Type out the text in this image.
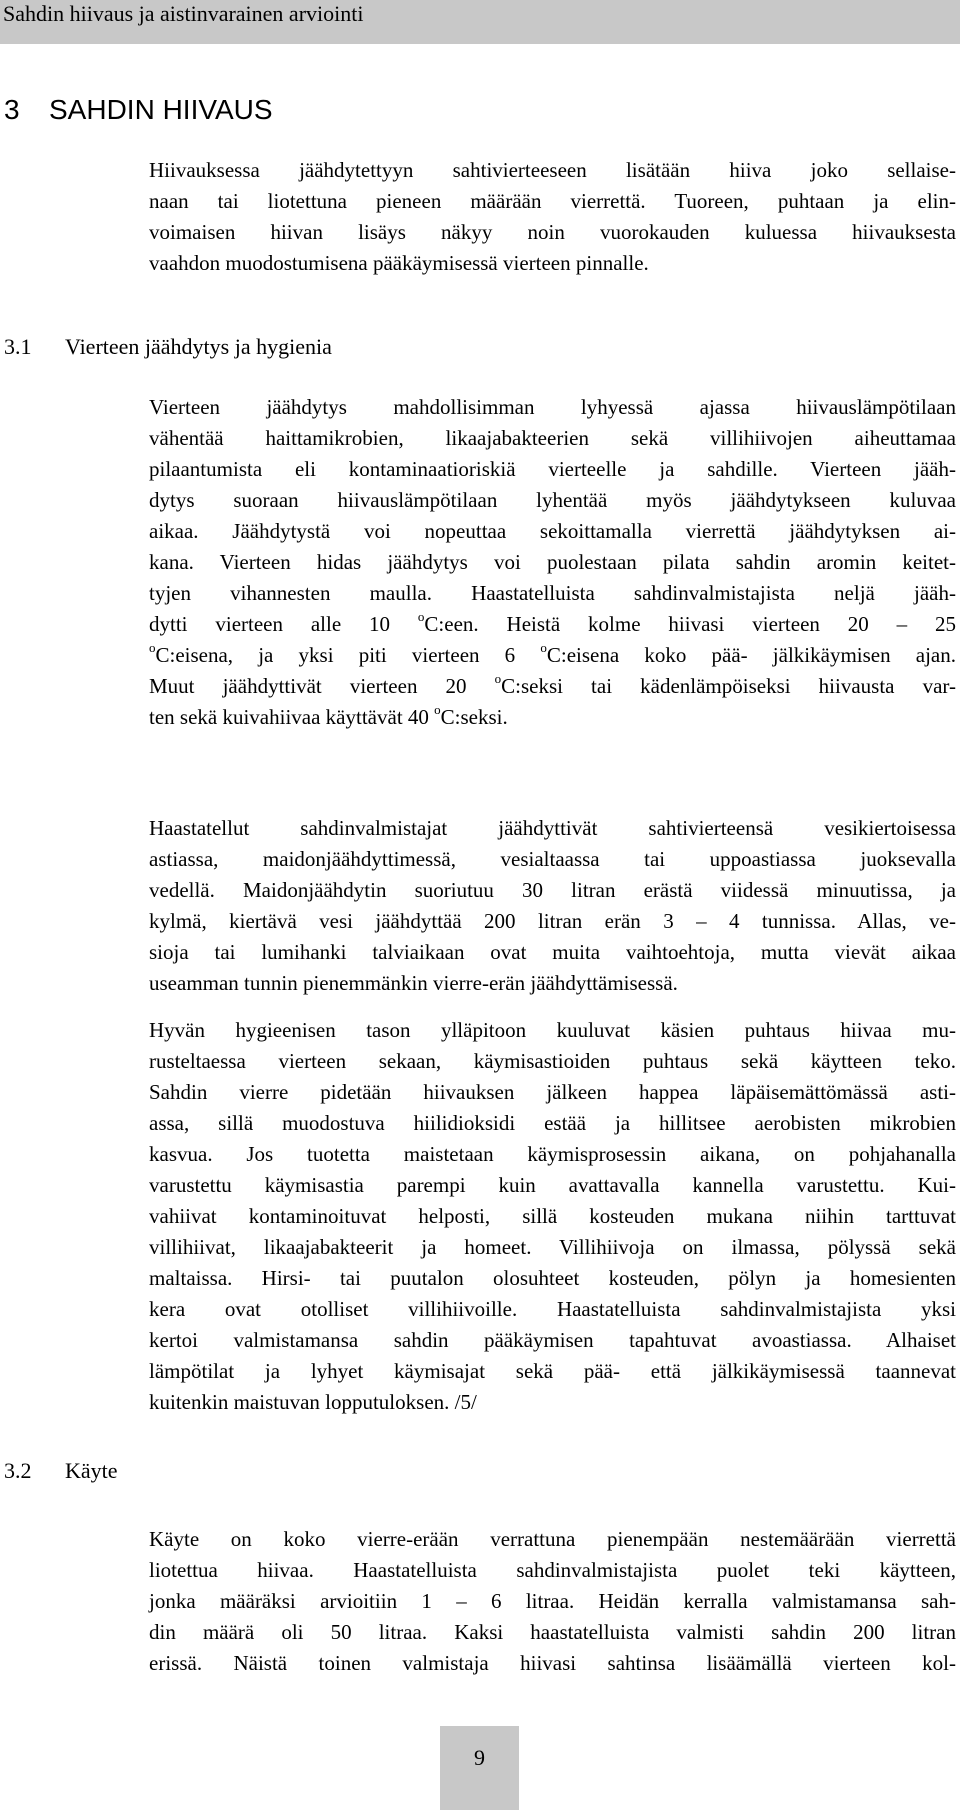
Sahdin hiivaus ja aistinvarainen arviointi
3 SAHDIN HIIVAUS

Hiivauksessa jäähdytettyyn sahtivierteeseen lisätään hiiva joko sellaise-
naan tai liotettuna pieneen määrään vierrettä. Tuoreen, puhtaan ja elin-
voimaisen hiivan lisäys näkyy noin vuorokauden kuluessa hiivauksesta
vaahdon muodostumisena pääkäymisessä vierteen pinnalle.

3.1 Vierteen jäähdytys ja hygienia

Vierteen jäähdytys mahdollisimman lyhyessä ajassa hiivauslämpötilaan
vähentää haittamikrobien, likaajabakteerien sekä villihiivojen aiheuttamaa
pilaantumista eli kontaminaatioriskiä vierteelle ja sahdille. Vierteen jääh-
dytys suoraan hiivauslämpötilaan lyhentää myös jäähdytykseen kuluvaa
aikaa. Jäähdytystä voi nopeuttaa sekoittamalla vierrettä jäähdytyksen ai-
kana. Vierteen hidas jäähdytys voi puolestaan pilata sahdin aromin keitet-
tyjen vihannesten maulla. Haastatelluista sahdinvalmistajista neljä jääh-
dytti vierteen alle 10 $^o$C:een. Heistä kolme hiivasi vierteen 20 – 25
$^o$C:eisena, ja yksi piti vierteen 6 $^o$C:eisena koko pää- jälkikäymisen ajan.
Muut jäähdyttivät vierteen 20 $^o$C:seksi tai kädenlämpöiseksi hiivausta var-
ten sekä kuivahiivaa käyttävät 40 $^o$C:seksi.

Haastatellut sahdinvalmistajat jäähdyttivät sahtivierteensä vesikiertoisessa
astiassa, maidonjäähdyttimessä, vesialtaassa tai uppoastiassa juoksevalla
vedellä. Maidonjäähdytin suoriutuu 30 litran erästä viidessä minuutissa, ja
kylmä, kiertävä vesi jäähdyttää 200 litran erän 3 – 4 tunnissa. Allas, ve-
sioja tai lumihanki talviaikaan ovat muita vaihtoehtoja, mutta vievät aikaa
useamman tunnin pienemmänkin vierre-erän jäähdyttämisessä.

Hyvän hygieenisen tason ylläpitoon kuuluvat käsien puhtaus hiivaa mu-
rusteltaessa vierteen sekaan, käymisastioiden puhtaus sekä käytteen teko.
Sahdin vierre pidetään hiivauksen jälkeen happea läpäisemättömässä asti-
assa, sillä muodostuva hiilidioksidi estää ja hillitsee aerobisten mikrobien
kasvua. Jos tuotetta maistetaan käymisprosessin aikana, on pohjahanalla
varustettu käymisastia parempi kuin avattavalla kannella varustettu. Kui-
vahiivat kontaminoituvat helposti, sillä kosteuden mukana niihin tarttuvat
villihiivat, likaajabakteerit ja homeet. Villihiivoja on ilmassa, pölyssä sekä
maltaissa. Hirsi- tai puutalon olosuhteet kosteuden, pölyn ja homesienten
kera ovat otolliset villihiivoille. Haastatelluista sahdinvalmistajista yksi
kertoi valmistamansa sahdin pääkäymisen tapahtuvat avoastiassa. Alhaiset
lämpötilat ja lyhyet käymisajat sekä pää- että jälkikäymisessä taannevat
kuitenkin maistuvan lopputuloksen. /5/

3.2 Käyte

Käyte on koko vierre-erään verrattuna pienempään nestemäärään vierrettä
liotettua hiivaa. Haastatelluista sahdinvalmistajista puolet teki käytteen,
jonka määräksi arvioitiin 1 – 6 litraa. Heidän kerralla valmistamansa sah-
din määrä oli 50 litraa. Kaksi haastatelluista valmisti sahdin 200 litran
erissä. Näistä toinen valmistaja hiivasi sahtinsa lisäämällä vierteen kol-

9
